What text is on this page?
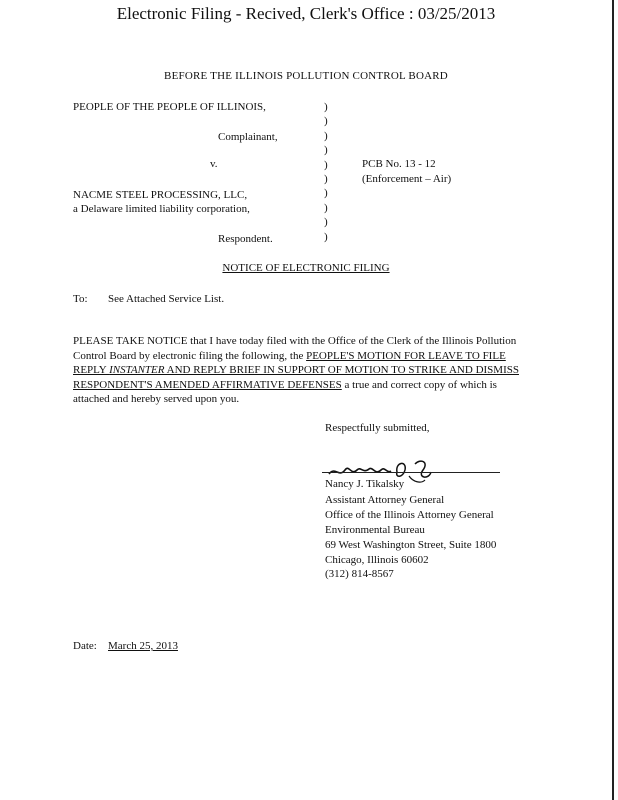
Electronic Filing - Recived, Clerk's Office : 03/25/2013
BEFORE THE ILLINOIS POLLUTION CONTROL BOARD
PEOPLE OF THE PEOPLE OF ILLINOIS,
Complainant,
v.
NACME STEEL PROCESSING, LLC,
a Delaware limited liability corporation,
Respondent.
)
)
)
)
)
)
)
)
)
)
PCB No. 13 - 12
(Enforcement – Air)
NOTICE OF ELECTRONIC FILING
To: See Attached Service List.
PLEASE TAKE NOTICE that I have today filed with the Office of the Clerk of the Illinois Pollution Control Board by electronic filing the following, the PEOPLE'S MOTION FOR LEAVE TO FILE REPLY INSTANTER AND REPLY BRIEF IN SUPPORT OF MOTION TO STRIKE AND DISMISS RESPONDENT'S AMENDED AFFIRMATIVE DEFENSES a true and correct copy of which is attached and hereby served upon you.
Respectfully submitted,
Nancy J. Tikalsky
Assistant Attorney General
Office of the Illinois Attorney General
Environmental Bureau
69 West Washington Street, Suite 1800
Chicago, Illinois 60602
(312) 814-8567
Date: March 25, 2013
